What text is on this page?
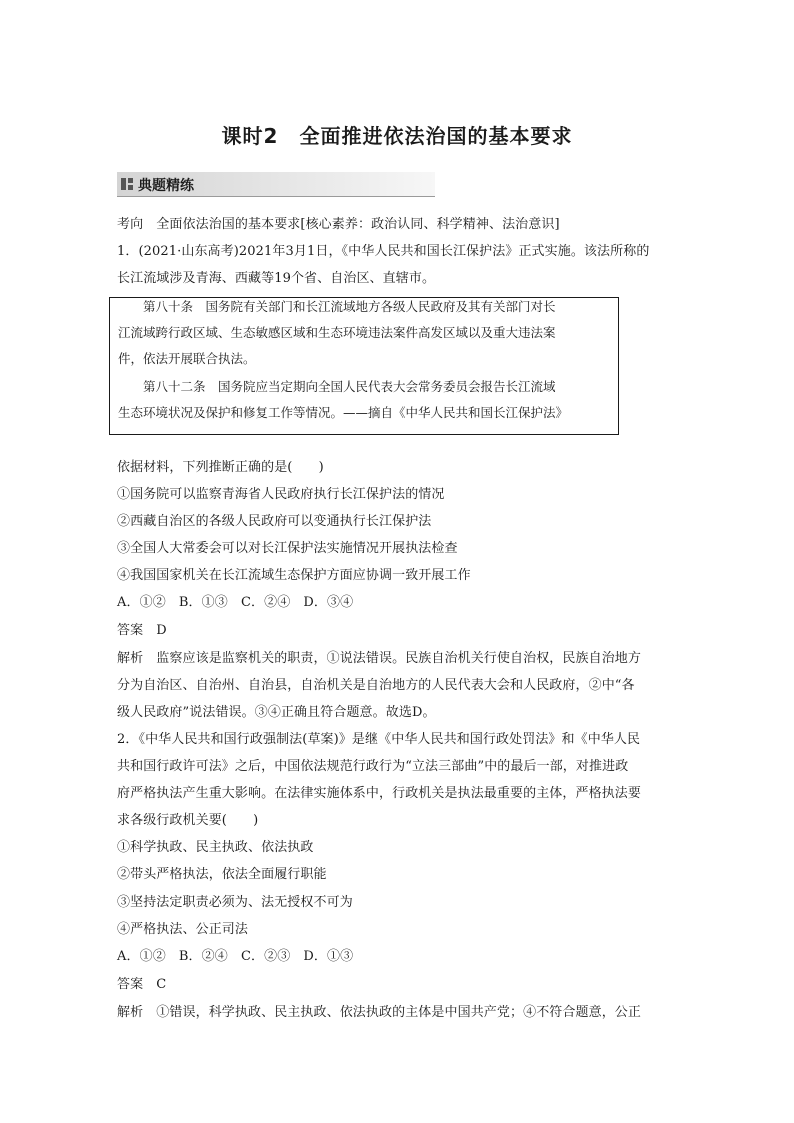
课时2　全面推进依法治国的基本要求
典题精练
考向　全面依法治国的基本要求[核心素养：政治认同、科学精神、法治意识]
1．(2021·山东高考)2021年3月1日，《中华人民共和国长江保护法》正式实施。该法所称的
长江流域涉及青海、西藏等19个省、自治区、直辖市。
第八十条　国务院有关部门和长江流域地方各级人民政府及其有关部门对长
江流域跨行政区域、生态敏感区域和生态环境违法案件高发区域以及重大违法案
件，依法开展联合执法。
第八十二条　国务院应当定期向全国人民代表大会常务委员会报告长江流域
生态环境状况及保护和修复工作等情况。——摘自《中华人民共和国长江保护法》
依据材料，下列推断正确的是(　　)
①国务院可以监察青海省人民政府执行长江保护法的情况
②西藏自治区的各级人民政府可以变通执行长江保护法
③全国人大常委会可以对长江保护法实施情况开展执法检查
④我国国家机关在长江流域生态保护方面应协调一致开展工作
A．①②　B．①③　C．②④　D．③④
答案　D
解析　监察应该是监察机关的职责，①说法错误。民族自治机关行使自治权，民族自治地方
分为自治区、自治州、自治县，自治机关是自治地方的人民代表大会和人民政府，②中“各
级人民政府”说法错误。③④正确且符合题意。故选D。
2．《中华人民共和国行政强制法(草案)》是继《中华人民共和国行政处罚法》和《中华人民
共和国行政许可法》之后，中国依法规范行政行为“立法三部曲”中的最后一部，对推进政
府严格执法产生重大影响。在法律实施体系中，行政机关是执法最重要的主体，严格执法要
求各级行政机关要(　　)
①科学执政、民主执政、依法执政
②带头严格执法，依法全面履行职能
③坚持法定职责必须为、法无授权不可为
④严格执法、公正司法
A．①②　B．②④　C．②③　D．①③
答案　C
解析　①错误，科学执政、民主执政、依法执政的主体是中国共产党；④不符合题意，公正
